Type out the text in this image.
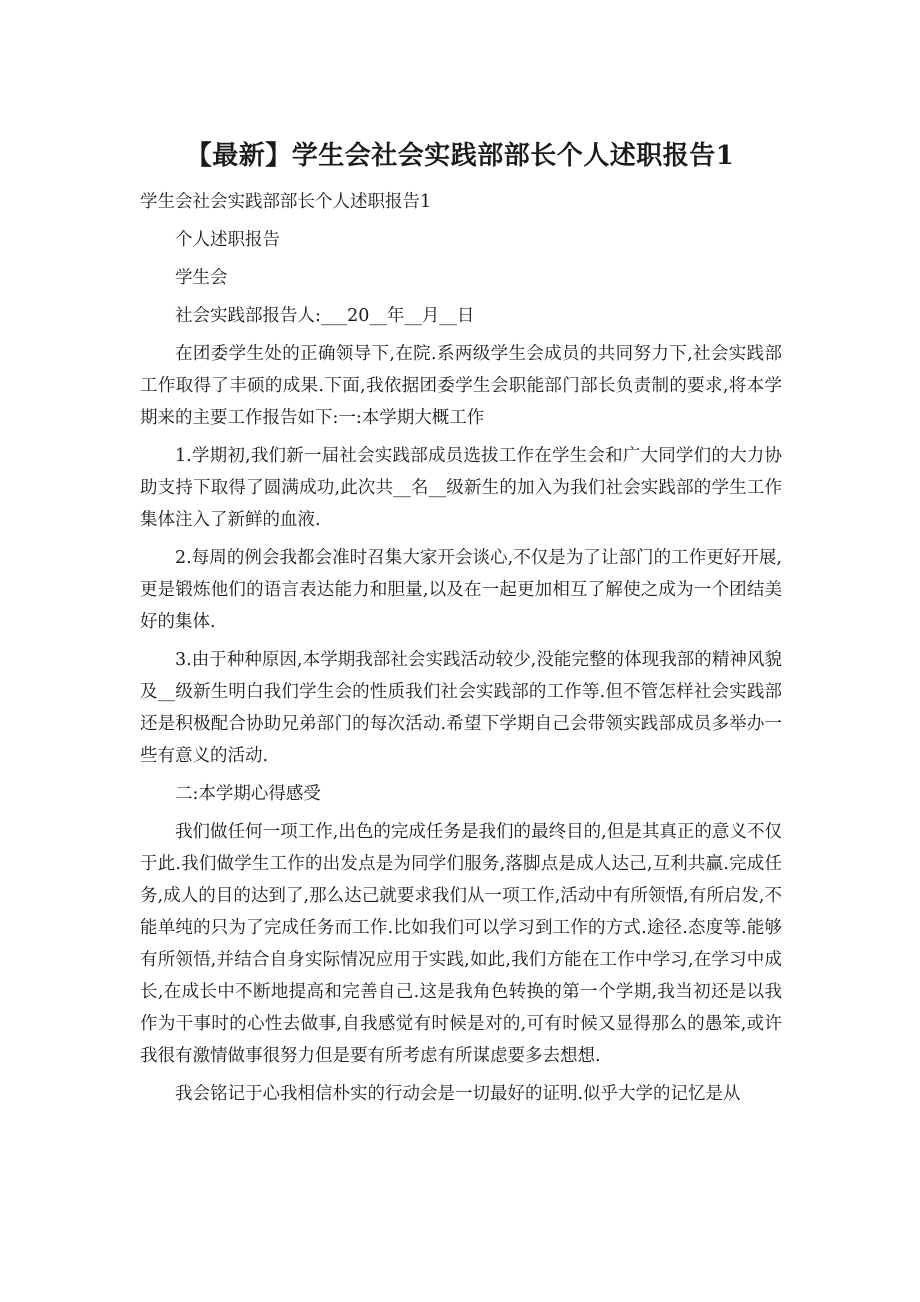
【最新】学生会社会实践部部长个人述职报告1

学生会社会实践部部长个人述职报告1

个人述职报告

学生会

社会实践部报告人:___20__年__月__日

在团委学生处的正确领导下,在院.系两级学生会成员的共同努力下,社会实践部工作取得了丰硕的成果.下面,我依据团委学生会职能部门部长负责制的要求,将本学期来的主要工作报告如下:一:本学期大概工作

1.学期初,我们新一届社会实践部成员选拔工作在学生会和广大同学们的大力协助支持下取得了圆满成功,此次共__名__级新生的加入为我们社会实践部的学生工作集体注入了新鲜的血液.

2.每周的例会我都会准时召集大家开会谈心,不仅是为了让部门的工作更好开展,更是锻炼他们的语言表达能力和胆量,以及在一起更加相互了解使之成为一个团结美好的集体.

3.由于种种原因,本学期我部社会实践活动较少,没能完整的体现我部的精神风貌及__级新生明白我们学生会的性质我们社会实践部的工作等.但不管怎样社会实践部还是积极配合协助兄弟部门的每次活动.希望下学期自己会带领实践部成员多举办一些有意义的活动.

二:本学期心得感受

我们做任何一项工作,出色的完成任务是我们的最终目的,但是其真正的意义不仅于此.我们做学生工作的出发点是为同学们服务,落脚点是成人达己,互利共赢.完成任务,成人的目的达到了,那么达己就要求我们从一项工作,活动中有所领悟,有所启发,不能单纯的只为了完成任务而工作.比如我们可以学习到工作的方式.途径.态度等.能够有所领悟,并结合自身实际情况应用于实践,如此,我们方能在工作中学习,在学习中成长,在成长中不断地提高和完善自己.这是我角色转换的第一个学期,我当初还是以我作为干事时的心性去做事,自我感觉有时候是对的,可有时候又显得那么的愚笨,或许我很有激情做事很努力但是要有所考虑有所谋虑要多去想想.

我会铭记于心我相信朴实的行动会是一切最好的证明.似乎大学的记忆是从
